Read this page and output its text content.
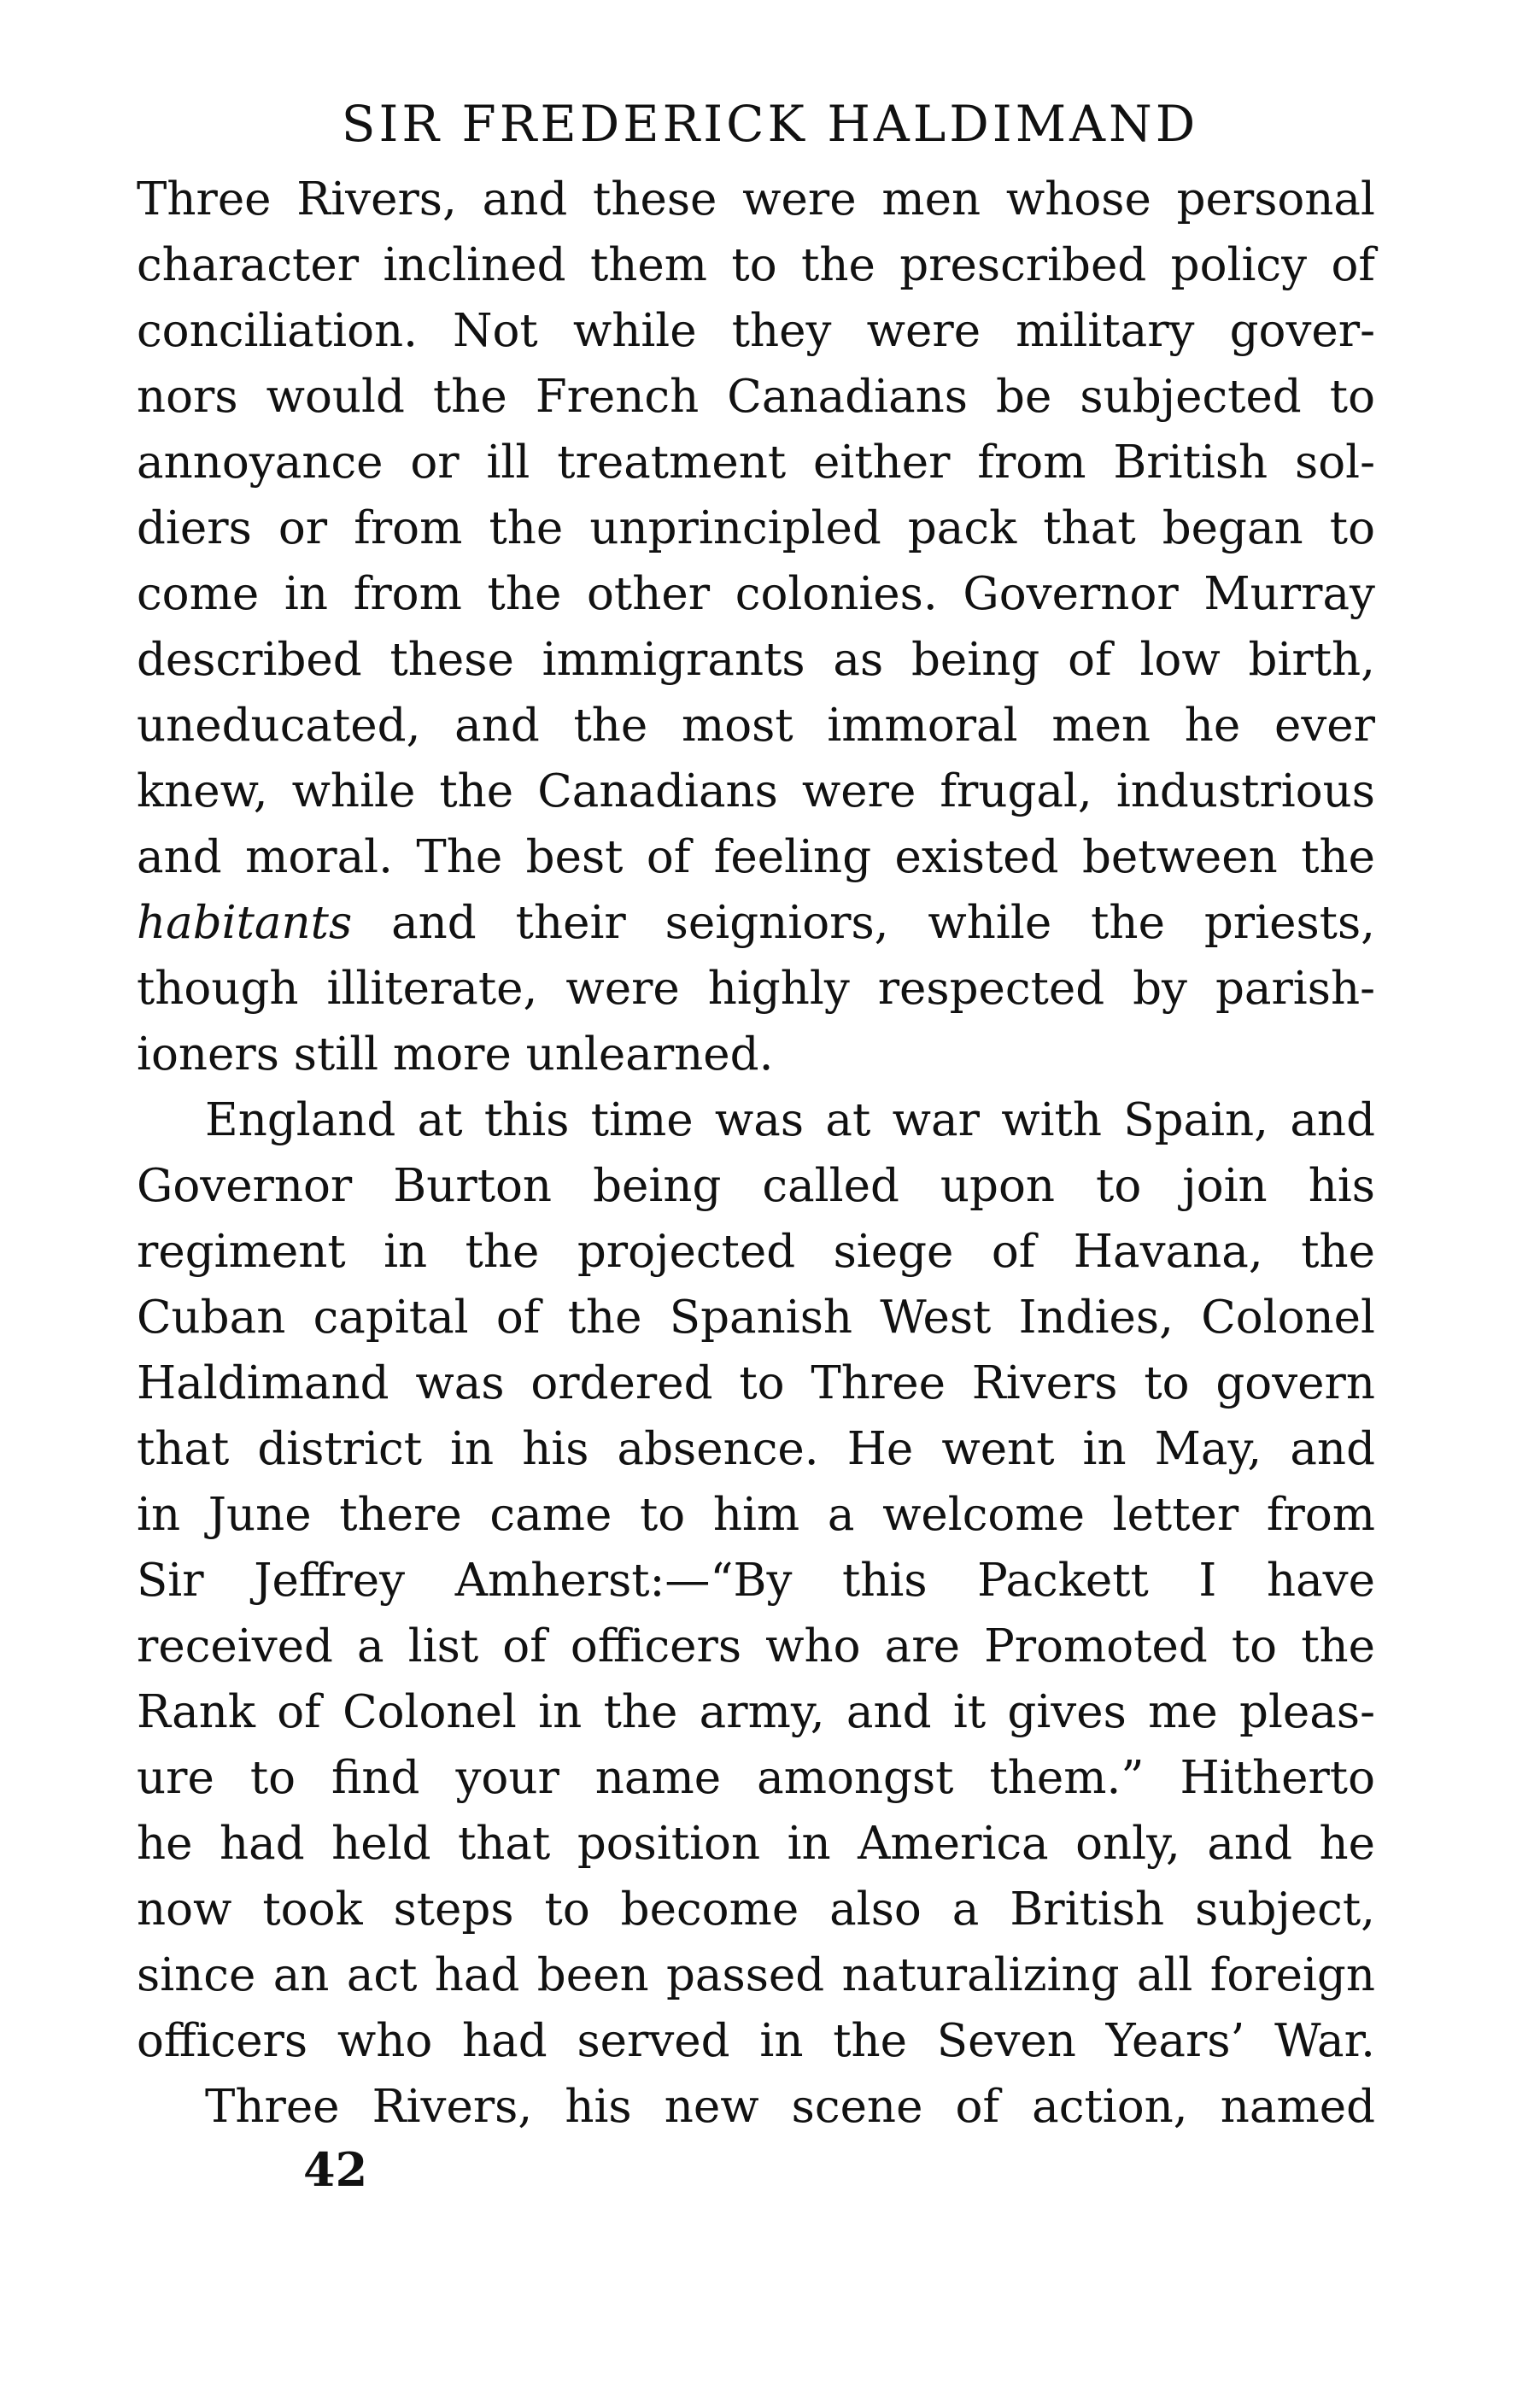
SIR FREDERICK HALDIMAND
Three Rivers, and these were men whose personal
character inclined them to the prescribed policy of
conciliation. Not while they were military gover-
nors would the French Canadians be subjected to
annoyance or ill treatment either from British sol-
diers or from the unprincipled pack that began to
come in from the other colonies. Governor Murray
described these immigrants as being of low birth,
uneducated, and the most immoral men he ever
knew, while the Canadians were frugal, industrious
and moral. The best of feeling existed between the
habitants and their seigniors, while the priests,
though illiterate, were highly respected by parish-
ioners still more unlearned.
England at this time was at war with Spain, and
Governor Burton being called upon to join his
regiment in the projected siege of Havana, the
Cuban capital of the Spanish West Indies, Colonel
Haldimand was ordered to Three Rivers to govern
that district in his absence. He went in May, and
in June there came to him a welcome letter from
Sir Jeffrey Amherst:—“By this Packett I have
received a list of officers who are Promoted to the
Rank of Colonel in the army, and it gives me pleas-
ure to find your name amongst them.” Hitherto
he had held that position in America only, and he
now took steps to become also a British subject,
since an act had been passed naturalizing all foreign
officers who had served in the Seven Years’ War.
Three Rivers, his new scene of action, named
42
